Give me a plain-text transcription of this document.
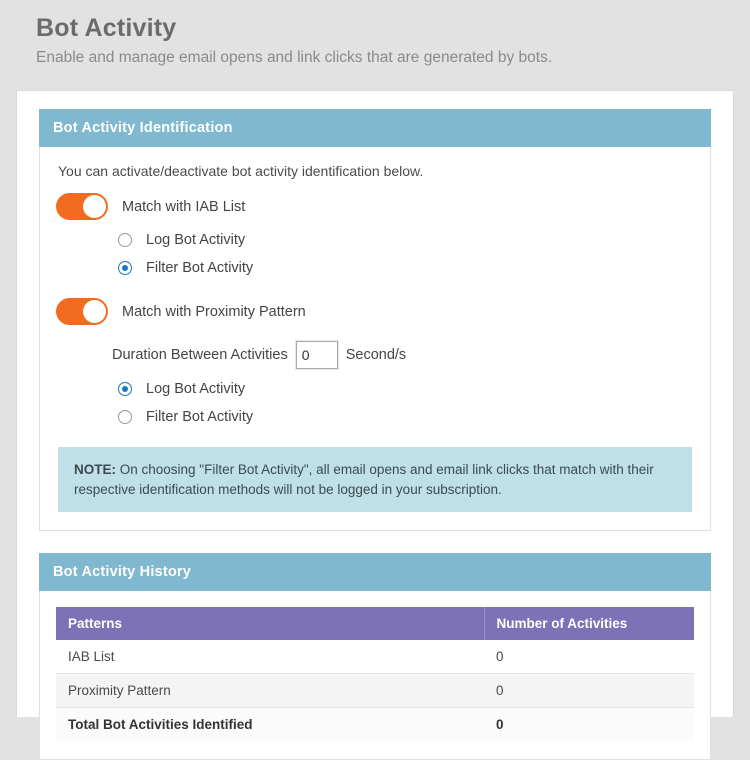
Bot Activity

Enable and manage email opens and link clicks that are generated by bots.

Bot Activity Identification

You can activate/deactivate bot activity identification below.

Match with IAB List
Log Bot Activity
Filter Bot Activity
Match with Proximity Pattern
Duration Between Activities
0	Second/s
Log Bot Activity
Filter Bot Activity
NOTE: On choosing "Filter Bot Activity", all email opens and email link clicks that match with their respective identification methods will not be logged in your subscription.
Bot Activity History
Patterns	Number of Activities
IAB List	0
Proximity Pattern	0
Total Bot Activities Identified	0
